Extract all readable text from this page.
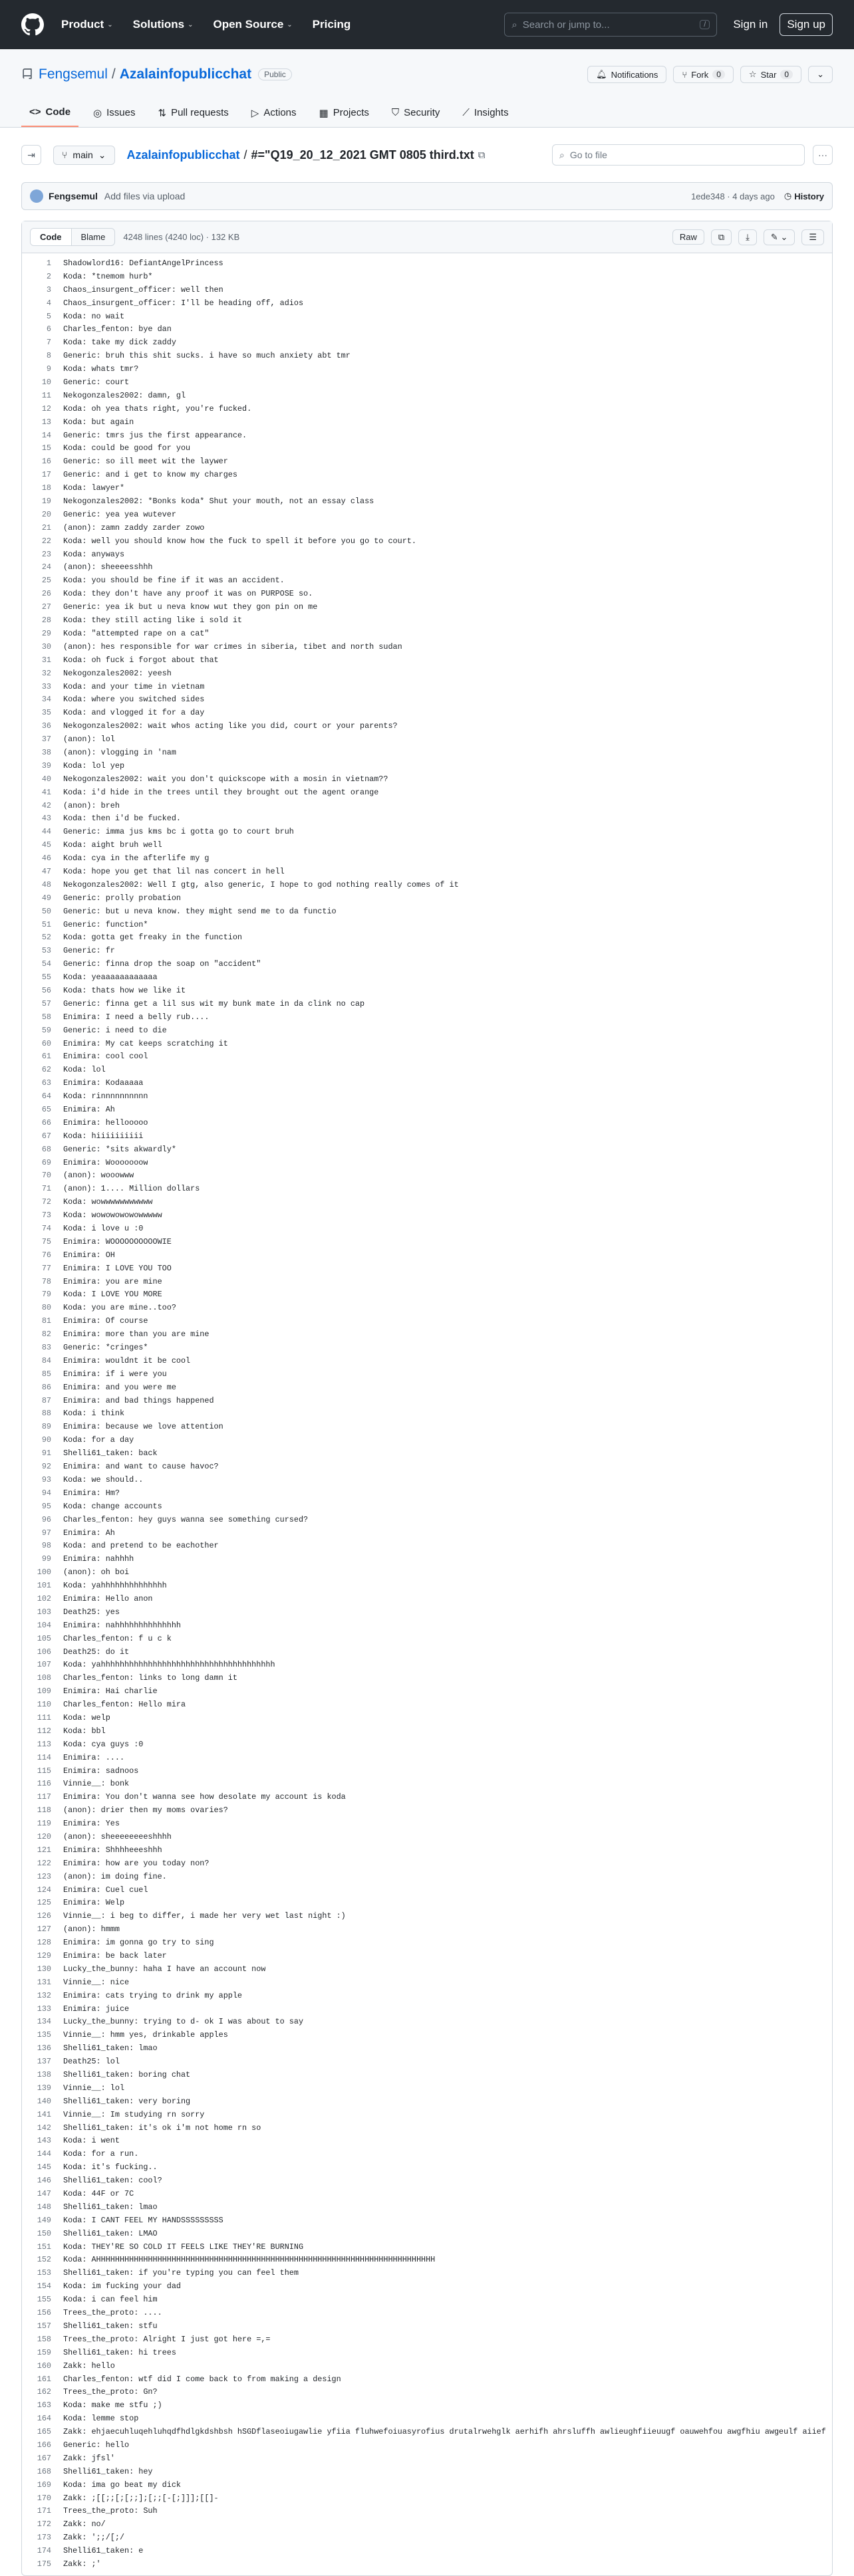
Product ⌄ Solutions ⌄ Open Source ⌄ Pricing	⌕ Search or jump to...	/	Sign in	Sign up
Fengsemul / Azalainfopublicchat	Public	🔔︎ Notifications	⑂ Fork	0	☆ Star	0	⌄
<> Code ◎ Issues ⇅ Pull requests ▷ Actions ▦ Projects ⛉ Security ⟋ Insights
⇥	⑂ main ⌄ Azalainfopublicchat / #="Q19_20_12_2021 GMT 0805 third.txt ⧉	⌕ Go to file	···
Fengsemul Add files via upload	1ede348 · 4 days ago ◷ History
Code	Blame	4248 lines (4240 loc) · 132 KB	Raw	⧉	⤓	✎ ⌄	☰
1	Shadowlord16: DefiantAngelPrincess
2	Koda: *tnemom hurb*
3	Chaos_insurgent_officer: well then
4	Chaos_insurgent_officer: I'll be heading off, adios
5	Koda: no wait
6	Charles_fenton: bye dan
7	Koda: take my dick zaddy
8	Generic: bruh this shit sucks. i have so much anxiety abt tmr
9	Koda: whats tmr?
10	Generic: court
11	Nekogonzales2002: damn, gl
12	Koda: oh yea thats right, you're fucked.
13	Koda: but again
14	Generic: tmrs jus the first appearance.
15	Koda: could be good for you
16	Generic: so ill meet wit the laywer
17	Generic: and i get to know my charges
18	Koda: lawyer*
19	Nekogonzales2002: *Bonks koda* Shut your mouth, not an essay class
20	Generic: yea yea wutever
21	(anon): zamn zaddy zarder zowo
22	Koda: well you should know how the fuck to spell it before you go to court.
23	Koda: anyways
24	(anon): sheeeesshhh
25	Koda: you should be fine if it was an accident.
26	Koda: they don't have any proof it was on PURPOSE so.
27	Generic: yea ik but u neva know wut they gon pin on me
28	Koda: they still acting like i sold it
29	Koda: "attempted rape on a cat"
30	(anon): hes responsible for war crimes in siberia, tibet and north sudan
31	Koda: oh fuck i forgot about that
32	Nekogonzales2002: yeesh
33	Koda: and your time in vietnam
34	Koda: where you switched sides
35	Koda: and vlogged it for a day
36	Nekogonzales2002: wait whos acting like you did, court or your parents?
37	(anon): lol
38	(anon): vlogging in 'nam
39	Koda: lol yep
40	Nekogonzales2002: wait you don't quickscope with a mosin in vietnam??
41	Koda: i'd hide in the trees until they brought out the agent orange
42	(anon): breh
43	Koda: then i'd be fucked.
44	Generic: imma jus kms bc i gotta go to court bruh
45	Koda: aight bruh well
46	Koda: cya in the afterlife my g
47	Koda: hope you get that lil nas concert in hell
48	Nekogonzales2002: Well I gtg, also generic, I hope to god nothing really comes of it
49	Generic: prolly probation
50	Generic: but u neva know. they might send me to da functio
51	Generic: function*
52	Koda: gotta get freaky in the function
53	Generic: fr
54	Generic: finna drop the soap on "accident"
55	Koda: yeaaaaaaaaaaaa
56	Koda: thats how we like it
57	Generic: finna get a lil sus wit my bunk mate in da clink no cap
58	Enimira: I need a belly rub....
59	Generic: i need to die
60	Enimira: My cat keeps scratching it
61	Enimira: cool cool
62	Koda: lol
63	Enimira: Kodaaaaa
64	Koda: rinnnnnnnnnn
65	Enimira: Ah
66	Enimira: hellooooo
67	Koda: hiiiiiiiiii
68	Generic: *sits akwardly*
69	Enimira: Wooooooow
70	(anon): wooowww
71	(anon): 1.... Million dollars
72	Koda: wowwwwwwwwwww
73	Koda: wowowowowowwwww
74	Koda: i love u :0
75	Enimira: WOOOOOOOOOOWIE
76	Enimira: OH
77	Enimira: I LOVE YOU TOO
78	Enimira: you are mine
79	Koda: I LOVE YOU MORE
80	Koda: you are mine..too?
81	Enimira: Of course
82	Enimira: more than you are mine
83	Generic: *cringes*
84	Enimira: wouldnt it be cool
85	Enimira: if i were you
86	Enimira: and you were me
87	Enimira: and bad things happened
88	Koda: i think
89	Enimira: because we love attention
90	Koda: for a day
91	Shelli61_taken: back
92	Enimira: and want to cause havoc?
93	Koda: we should..
94	Enimira: Hm?
95	Koda: change accounts
96	Charles_fenton: hey guys wanna see something cursed?
97	Enimira: Ah
98	Koda: and pretend to be eachother
99	Enimira: nahhhh
100	(anon): oh boi
101	Koda: yahhhhhhhhhhhhhh
102	Enimira: Hello anon
103	Death25: yes
104	Enimira: nahhhhhhhhhhhhhh
105	Charles_fenton: f u c k
106	Death25: do it
107	Koda: yahhhhhhhhhhhhhhhhhhhhhhhhhhhhhhhhhhhhh
108	Charles_fenton: links to long damn it
109	Enimira: Hai charlie
110	Charles_fenton: Hello mira
111	Koda: welp
112	Koda: bbl
113	Koda: cya guys :0
114	Enimira: ....
115	Enimira: sadnoos
116	Vinnie__: bonk
117	Enimira: You don't wanna see how desolate my account is koda
118	(anon): drier then my moms ovaries?
119	Enimira: Yes
120	(anon): sheeeeeeeeshhhh
121	Enimira: Shhhheeeshhh
122	Enimira: how are you today non?
123	(anon): im doing fine.
124	Enimira: Cuel cuel
125	Enimira: Welp
126	Vinnie__: i beg to differ, i made her very wet last night :)
127	(anon): hmmm
128	Enimira: im gonna go try to sing
129	Enimira: be back later
130	Lucky_the_bunny: haha I have an account now
131	Vinnie__: nice
132	Enimira: cats trying to drink my apple
133	Enimira: juice
134	Lucky_the_bunny: trying to d- ok I was about to say
135	Vinnie__: hmm yes, drinkable apples
136	Shelli61_taken: lmao
137	Death25: lol
138	Shelli61_taken: boring chat
139	Vinnie__: lol
140	Shelli61_taken: very boring
141	Vinnie__: Im studying rn sorry
142	Shelli61_taken: it's ok i'm not home rn so
143	Koda: i went
144	Koda: for a run.
145	Koda: it's fucking..
146	Shelli61_taken: cool?
147	Koda: 44F or 7C
148	Shelli61_taken: lmao
149	Koda: I CANT FEEL MY HANDSSSSSSSSS
150	Shelli61_taken: LMAO
151	Koda: THEY'RE SO COLD IT FEELS LIKE THEY'RE BURNING
152	Koda: AHHHHHHHHHHHHHHHHHHHHHHHHHHHHHHHHHHHHHHHHHHHHHHHHHHHHHHHHHHHHHHHHHHHHHHHH
153	Shelli61_taken: if you're typing you can feel them
154	Koda: im fucking your dad
155	Koda: i can feel him
156	Trees_the_proto: ....
157	Shelli61_taken: stfu
158	Trees_the_proto: Alright I just got here =,=
159	Shelli61_taken: hi trees
160	Zakk: hello
161	Charles_fenton: wtf did I come back to from making a design
162	Trees_the_proto: Gn?
163	Koda: make me stfu ;)
164	Koda: lemme stop
165	Zakk: ehjaecuhluqehluhqdfhdlgkdshbsh hSGDflaseoiugawlie yfiia fluhwefoiuasyrofius drutalrwehglk aerhifh ahrsluffh awlieughfiieuugf oauwehfou awgfhiu awgeulf aiief
166	Generic: hello
167	Zakk: jfsl'
168	Shelli61_taken: hey
169	Koda: ima go beat my dick
170	Zakk: ;[[;;[;[;;];[;;[-[;]]];[[]-
171	Trees_the_proto: Suh
172	Zakk: no/
173	Zakk: ';;/[;/
174	Shelli61_taken: e
175	Zakk: ;'
